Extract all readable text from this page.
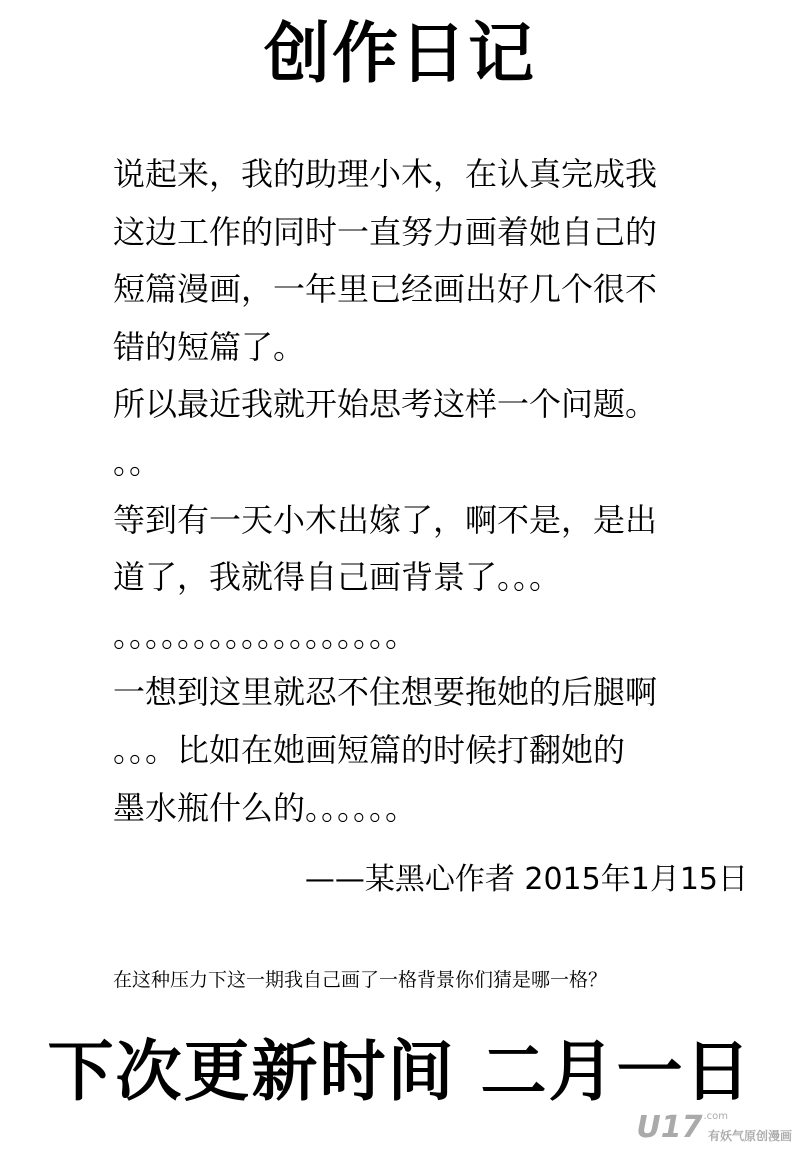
创作日记
说起来，我的助理小木，在认真完成我
这边工作的同时一直努力画着她自己的
短篇漫画，一年里已经画出好几个很不
错的短篇了。
所以最近我就开始思考这样一个问题。
。。
等到有一天小木出嫁了，啊不是，是出
道了，我就得自己画背景了。。。
。。。。。。。。。。。。。。。。。。
一想到这里就忍不住想要拖她的后腿啊
。。。比如在她画短篇的时候打翻她的
墨水瓶什么的。。。。。。
——某黑心作者 2015年1月15日
在这种压力下这一期我自己画了一格背景你们猜是哪一格？
下次更新时间 二月一日
U17.com有妖气原创漫画
